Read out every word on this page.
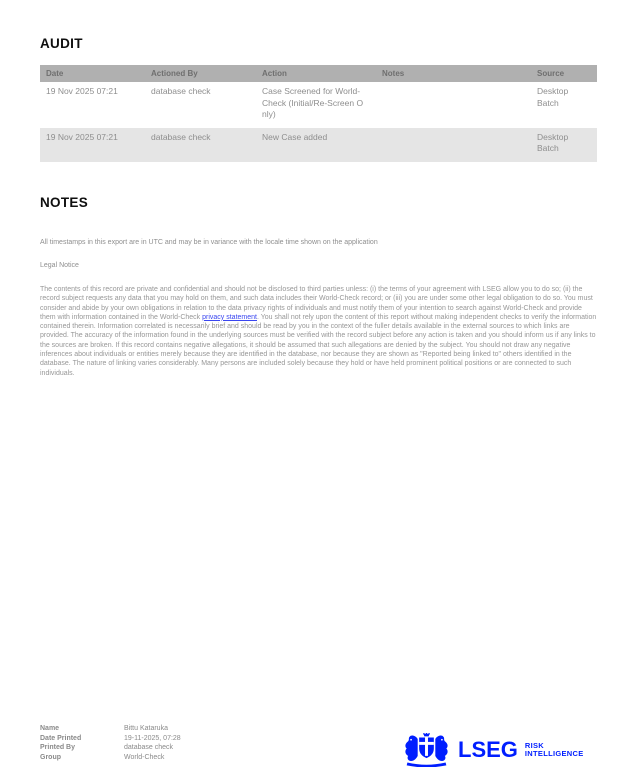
AUDIT
Date	Actioned By	Action	Notes	Source
19 Nov 2025 07:21	database check	Case Screened for World-Check (Initial/Re-Screen Only)		Desktop Batch
19 Nov 2025 07:21	database check	New Case added		Desktop Batch
NOTES
All timestamps in this export are in UTC and may be in variance with the locale time shown on the application
Legal Notice
The contents of this record are private and confidential and should not be disclosed to third parties unless: (i) the terms of your agreement with LSEG allow you to do so; (ii) the record subject requests any data that you may hold on them, and such data includes their World-Check record; or (iii) you are under some other legal obligation to do so. You must consider and abide by your own obligations in relation to the data privacy rights of individuals and must notify them of your intention to search against World-Check and provide them with information contained in the World-Check privacy statement. You shall not rely upon the content of this report without making independent checks to verify the information contained therein. Information correlated is necessarily brief and should be read by you in the context of the fuller details available in the external sources to which links are provided. The accuracy of the information found in the underlying sources must be verified with the record subject before any action is taken and you should inform us if any links to the sources are broken. If this record contains negative allegations, it should be assumed that such allegations are denied by the subject. You should not draw any negative inferences about individuals or entities merely because they are identified in the database, nor because they are shown as "Reported being linked to" others identified in the database. The nature of linking varies considerably. Many persons are included solely because they hold or have held prominent political positions or are connected to such individuals.
Name	Bittu Kataruka
Date Printed	19-11-2025, 07:28
Printed By	database check
Group	World-Check	LSEG RISK
INTELLIGENCE
